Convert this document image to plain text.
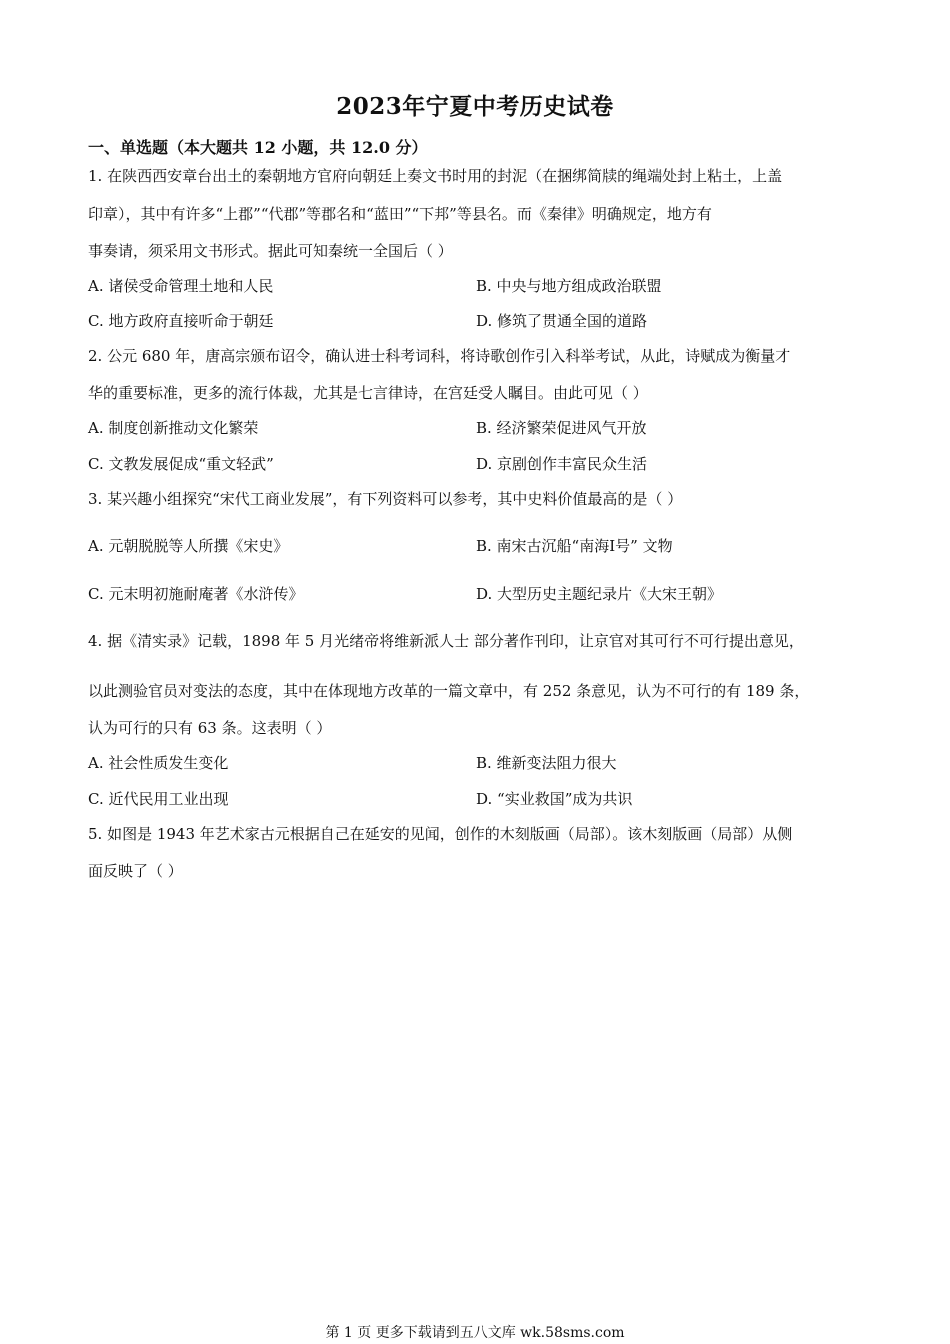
2023年宁夏中考历史试卷
一、单选题（本大题共 12 小题，共 12.0 分）
1. 在陕西西安章台出土的秦朝地方官府向朝廷上奏文书时用的封泥（在捆绑简牍的绳端处封上粘土，上盖
印章），其中有许多“上郡”“代郡”等郡名和“蓝田”“下邦”等县名。而《秦律》明确规定，地方有
事奏请，须采用文书形式。据此可知秦统一全国后（ ）
A. 诸侯受命管理土地和人民	B. 中央与地方组成政治联盟
C. 地方政府直接听命于朝廷	D. 修筑了贯通全国的道路
2. 公元 680 年，唐高宗颁布诏令，确认进士科考词科，将诗歌创作引入科举考试，从此，诗赋成为衡量才
华的重要标准，更多的流行体裁，尤其是七言律诗，在宫廷受人瞩目。由此可见（ ）
A. 制度创新推动文化繁荣	B. 经济繁荣促进风气开放
C. 文教发展促成“重文轻武”	D. 京剧创作丰富民众生活
3. 某兴趣小组探究“宋代工商业发展”，有下列资料可以参考，其中史料价值最高的是（ ）
A. 元朝脱脱等人所撰《宋史》	B. 南宋古沉船“南海Ⅰ号” 文物
C. 元末明初施耐庵著《水浒传》	D. 大型历史主题纪录片《大宋王朝》
4. 据《清实录》记载，1898 年 5 月光绪帝将维新派人士 部分著作刊印，让京官对其可行不可行提出意见，
以此测验官员对变法的态度，其中在体现地方改革的一篇文章中，有 252 条意见，认为不可行的有 189 条，
认为可行的只有 63 条。这表明（ ）
A. 社会性质发生变化	B. 维新变法阻力很大
C. 近代民用工业出现	D. “实业救国”成为共识
5. 如图是 1943 年艺术家古元根据自己在延安的见闻，创作的木刻版画（局部）。该木刻版画（局部）从侧
面反映了（ ）
第 1 页 更多下载请到五八文库 wk.58sms.com
